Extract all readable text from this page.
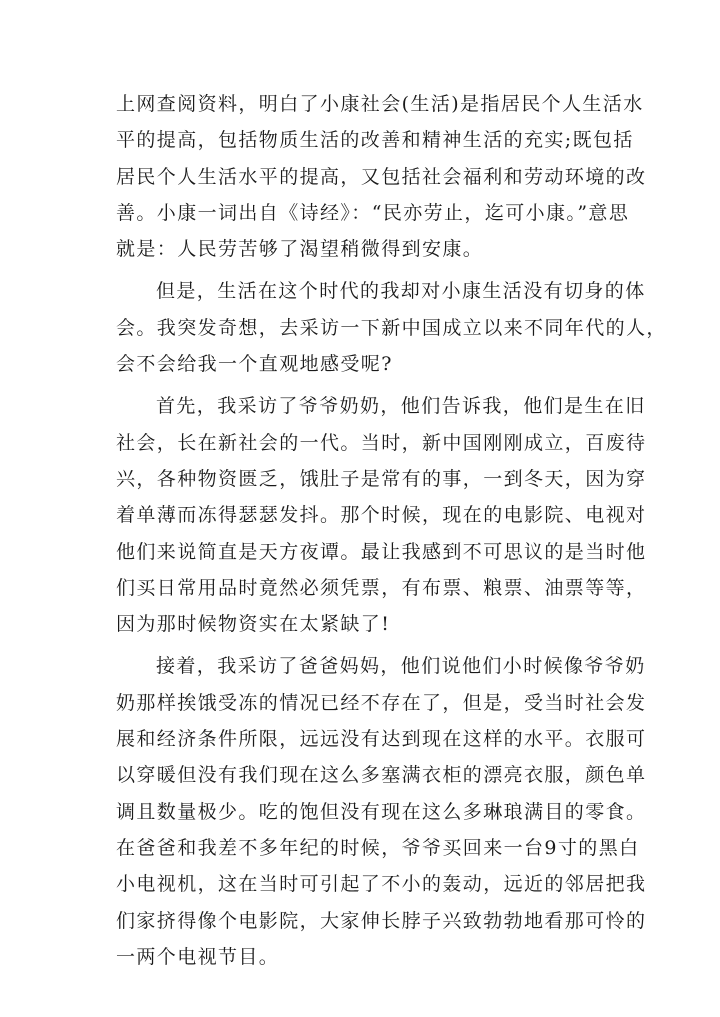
上网查阅资料，明白了小康社会(生活)是指居民个人生活水
平的提高，包括物质生活的改善和精神生活的充实;既包括
居民个人生活水平的提高，又包括社会福利和劳动环境的改
善。小康一词出自《诗经》：“民亦劳止，迄可小康。”意思
就是：人民劳苦够了渴望稍微得到安康。
但是，生活在这个时代的我却对小康生活没有切身的体
会。我突发奇想，去采访一下新中国成立以来不同年代的人，
会不会给我一个直观地感受呢?
首先，我采访了爷爷奶奶，他们告诉我，他们是生在旧
社会，长在新社会的一代。当时，新中国刚刚成立，百废待
兴，各种物资匮乏，饿肚子是常有的事，一到冬天，因为穿
着单薄而冻得瑟瑟发抖。那个时候，现在的电影院、电视对
他们来说简直是天方夜谭。最让我感到不可思议的是当时他
们买日常用品时竟然必须凭票，有布票、粮票、油票等等，
因为那时候物资实在太紧缺了!
接着，我采访了爸爸妈妈，他们说他们小时候像爷爷奶
奶那样挨饿受冻的情况已经不存在了，但是，受当时社会发
展和经济条件所限，远远没有达到现在这样的水平。衣服可
以穿暖但没有我们现在这么多塞满衣柜的漂亮衣服，颜色单
调且数量极少。吃的饱但没有现在这么多琳琅满目的零食。
在爸爸和我差不多年纪的时候，爷爷买回来一台9寸的黑白
小电视机，这在当时可引起了不小的轰动，远近的邻居把我
们家挤得像个电影院，大家伸长脖子兴致勃勃地看那可怜的
一两个电视节目。
